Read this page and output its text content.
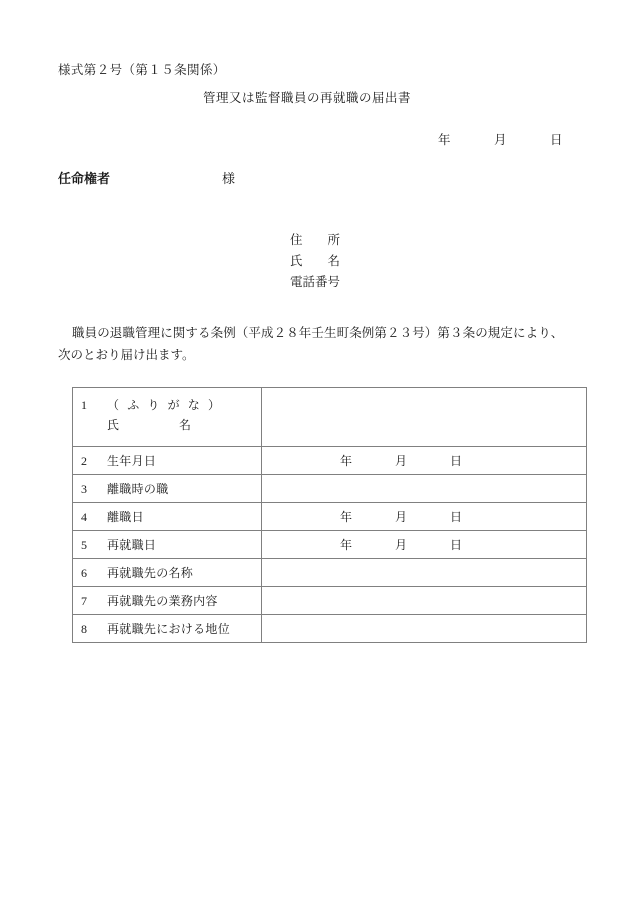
様式第２号（第１５条関係）
管理又は監督職員の再就職の届出書
年	月	日
任命権者	様
住　　所
氏　　名
電話番号
職員の退職管理に関する条例（平成２８年壬生町条例第２３号）第３条の規定により、
次のとおり届け出ます。
1 （ ふ り が な ）
氏 名	

2 生年月日	年 月 日

3 離職時の職	
4 離職日	年 月 日

5 再就職日	年 月 日

6 再就職先の名称	
7 再就職先の業務内容	
8 再就職先における地位	
